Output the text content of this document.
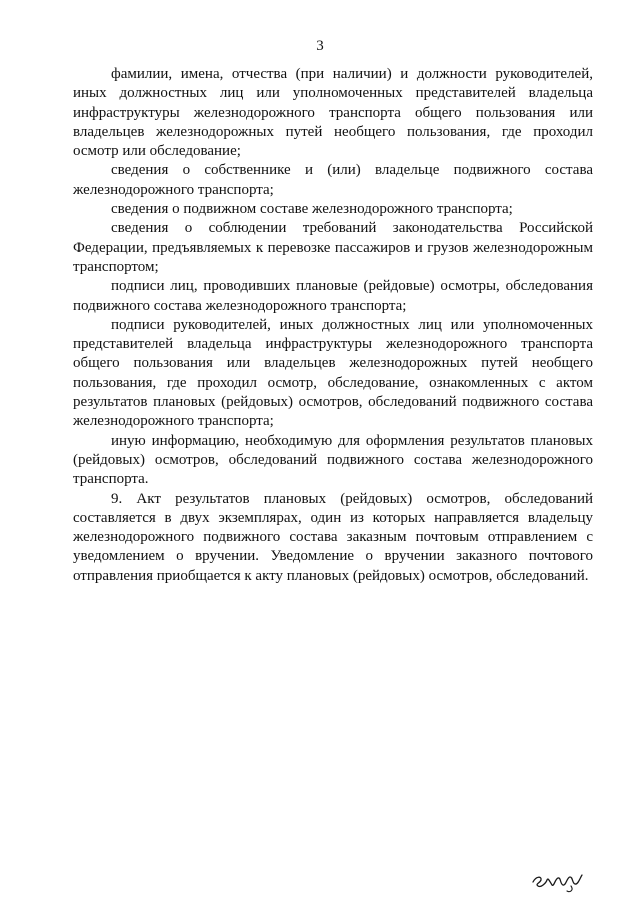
3

фамилии, имена, отчества (при наличии) и должности руководителей, иных должностных лиц или уполномоченных представителей владельца инфраструктуры железнодорожного транспорта общего пользования или владельцев железнодорожных путей необщего пользования, где проходил осмотр или обследование;

сведения о собственнике и (или) владельце подвижного состава железнодорожного транспорта;

сведения о подвижном составе железнодорожного транспорта;

сведения о соблюдении требований законодательства Российской Федерации, предъявляемых к перевозке пассажиров и грузов железнодорожным транспортом;

подписи лиц, проводивших плановые (рейдовые) осмотры, обследования подвижного состава железнодорожного транспорта;

подписи руководителей, иных должностных лиц или уполномоченных представителей владельца инфраструктуры железнодорожного транспорта общего пользования или владельцев железнодорожных путей необщего пользования, где проходил осмотр, обследование, ознакомленных с актом результатов плановых (рейдовых) осмотров, обследований подвижного состава железнодорожного транспорта;

иную информацию, необходимую для оформления результатов плановых (рейдовых) осмотров, обследований подвижного состава железнодорожного транспорта.

9. Акт результатов плановых (рейдовых) осмотров, обследований составляется в двух экземплярах, один из которых направляется владельцу железнодорожного подвижного состава заказным почтовым отправлением с уведомлением о вручении. Уведомление о вручении заказного почтового отправления приобщается к акту плановых (рейдовых) осмотров, обследований.
